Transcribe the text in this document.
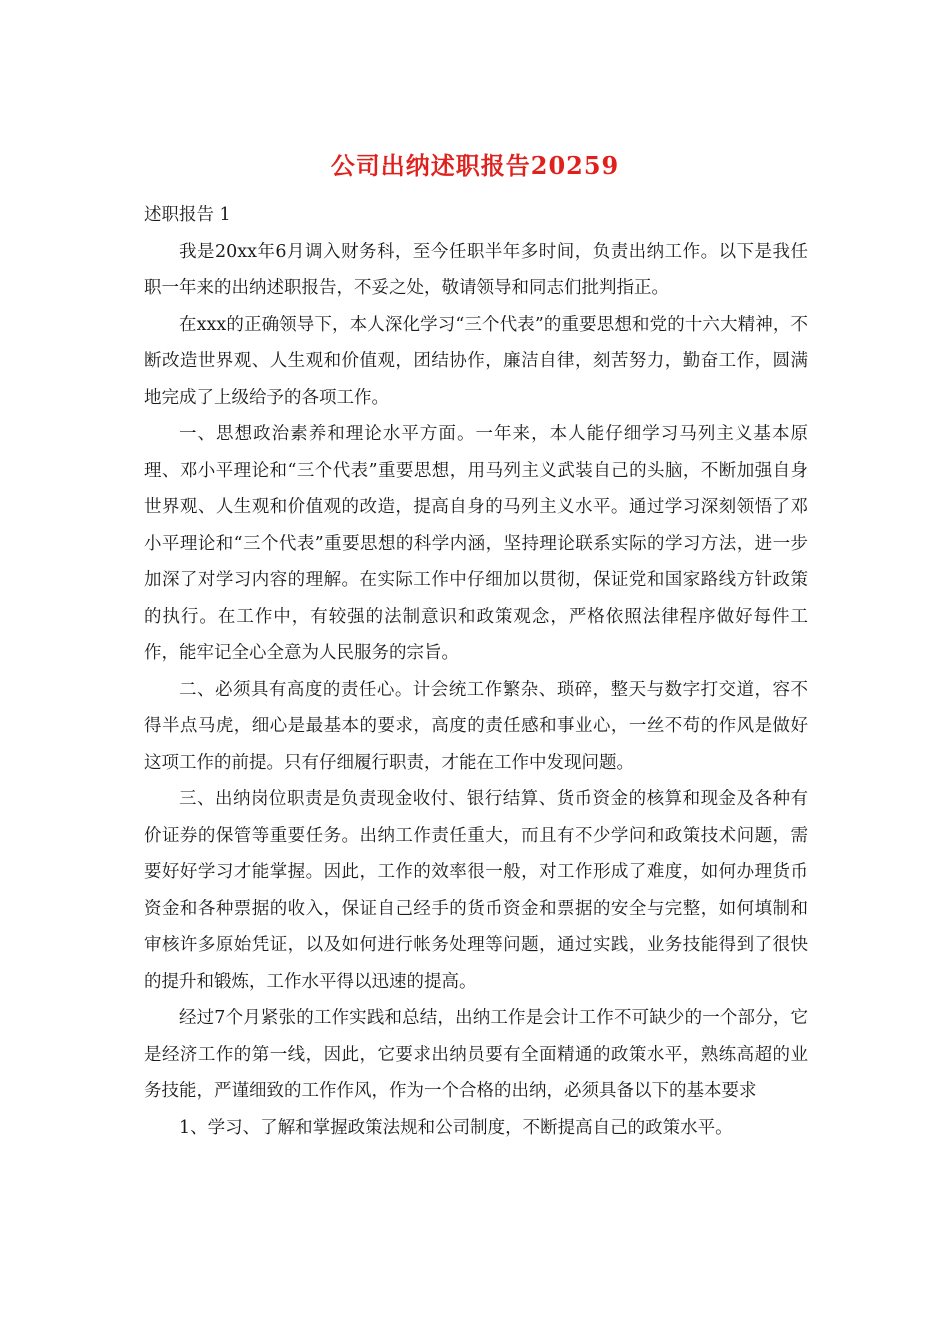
公司出纳述职报告20259

述职报告 1

我是20xx年6月调入财务科，至今任职半年多时间，负责出纳工作。以下是我任职一年来的出纳述职报告，不妥之处，敬请领导和同志们批判指正。

在xxx的正确领导下，本人深化学习“三个代表”的重要思想和党的十六大精神，不断改造世界观、人生观和价值观，团结协作，廉洁自律，刻苦努力，勤奋工作，圆满地完成了上级给予的各项工作。

一、思想政治素养和理论水平方面。一年来，本人能仔细学习马列主义基本原理、邓小平理论和“三个代表”重要思想，用马列主义武装自己的头脑，不断加强自身世界观、人生观和价值观的改造，提高自身的马列主义水平。通过学习深刻领悟了邓小平理论和“三个代表”重要思想的科学内涵，坚持理论联系实际的学习方法，进一步加深了对学习内容的理解。在实际工作中仔细加以贯彻，保证党和国家路线方针政策的执行。在工作中，有较强的法制意识和政策观念，严格依照法律程序做好每件工作，能牢记全心全意为人民服务的宗旨。

二、必须具有高度的责任心。计会统工作繁杂、琐碎，整天与数字打交道，容不得半点马虎，细心是最基本的要求，高度的责任感和事业心，一丝不苟的作风是做好这项工作的前提。只有仔细履行职责，才能在工作中发现问题。

三、出纳岗位职责是负责现金收付、银行结算、货币资金的核算和现金及各种有价证券的保管等重要任务。出纳工作责任重大，而且有不少学问和政策技术问题，需要好好学习才能掌握。因此，工作的效率很一般，对工作形成了难度，如何办理货币资金和各种票据的收入，保证自己经手的货币资金和票据的安全与完整，如何填制和审核许多原始凭证，以及如何进行帐务处理等问题，通过实践，业务技能得到了很快的提升和锻炼，工作水平得以迅速的提高。

经过7个月紧张的工作实践和总结，出纳工作是会计工作不可缺少的一个部分，它是经济工作的第一线，因此，它要求出纳员要有全面精通的政策水平，熟练高超的业务技能，严谨细致的工作作风，作为一个合格的出纳，必须具备以下的基本要求

1、学习、了解和掌握政策法规和公司制度，不断提高自己的政策水平。
